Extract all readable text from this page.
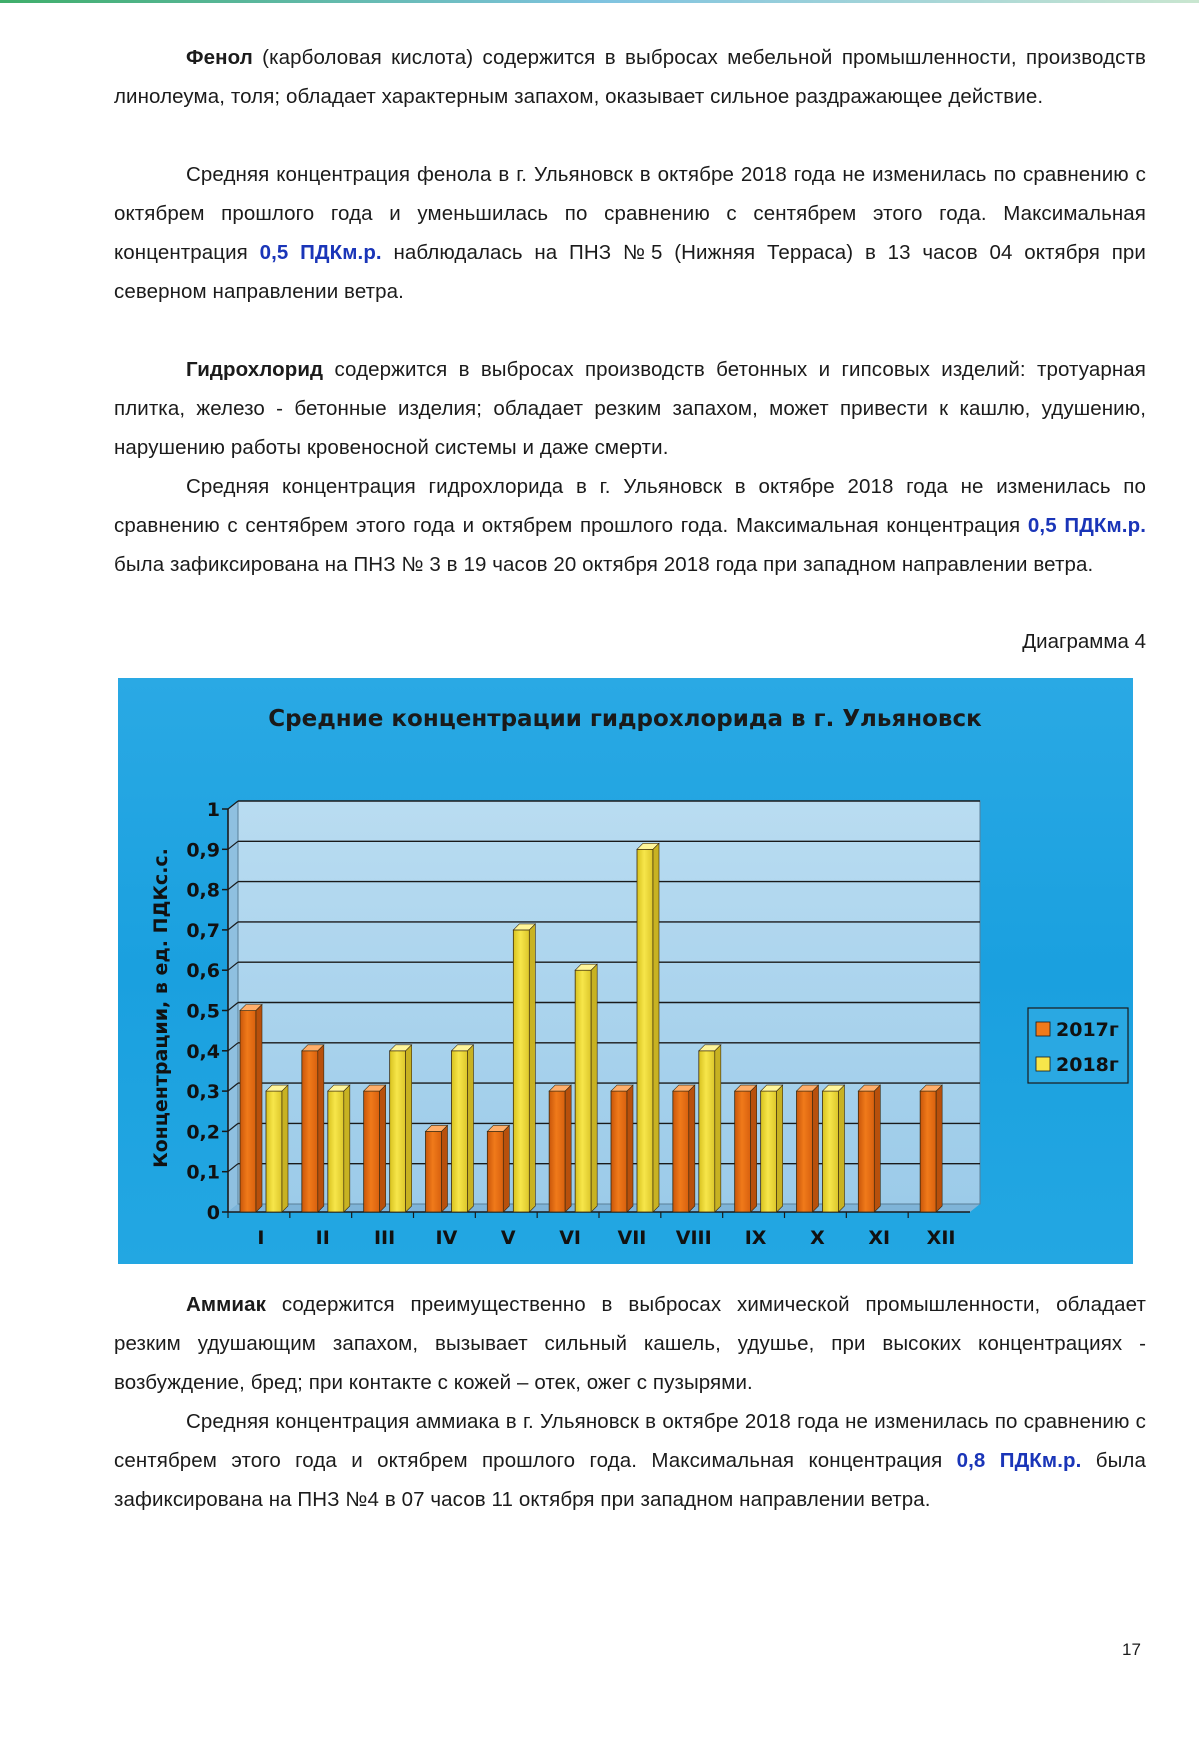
Фенол (карболовая кислота) содержится в выбросах мебельной промышленности, производств линолеума, толя; обладает характерным запахом, оказывает сильное раздражающее действие.
Средняя концентрация фенола в г. Ульяновск в октябре 2018 года не изменилась по сравнению с октябрем прошлого года и уменьшилась по сравнению с сентябрем этого года. Максимальная концентрация 0,5 ПДКм.р. наблюдалась на ПНЗ №5 (Нижняя Терраса) в 13 часов 04 октября при северном направлении ветра.
Гидрохлорид содержится в выбросах производств бетонных и гипсовых изделий: тротуарная плитка, железо - бетонные изделия; обладает резким запахом, может привести к кашлю, удушению, нарушению работы кровеносной системы и даже смерти.
Средняя концентрация гидрохлорида в г. Ульяновск в октябре 2018 года не изменилась по сравнению с сентябрем этого года и октябрем прошлого года. Максимальная концентрация 0,5 ПДКм.р. была зафиксирована на ПНЗ № 3 в 19 часов 20 октября 2018 года при западном направлении ветра.
Диаграмма 4
Средние концентрации гидрохлорида в г. Ульяновск
0
0,1
0,2
0,3
0,4
0,5
0,6
0,7
0,8
0,9
1
Концентрации, в ед. ПДКс.с.
I	II III IV V VI VII VIII IX X XI XII
2017г
2018г
Аммиак содержится преимущественно в выбросах химической промышленности, обладает резким удушающим запахом, вызывает сильный кашель, удушье, при высоких концентрациях - возбуждение, бред; при контакте с кожей – отек, ожег с пузырями.
Средняя концентрация аммиака в г. Ульяновск в октябре 2018 года не изменилась по сравнению с сентябрем этого года и октябрем прошлого года. Максимальная концентрация 0,8 ПДКм.р. была зафиксирована на ПНЗ №4 в 07 часов 11 октября при западном направлении ветра.
17
